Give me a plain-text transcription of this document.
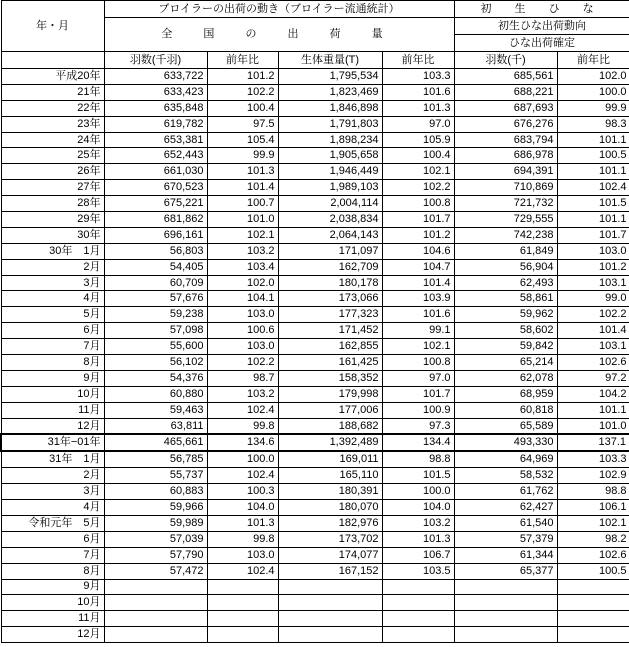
年・月	ブロイラーの出荷の動き（ブロイラー流通統計）				初 生 ひ な	
	全 国 の 出 荷 量				初生ひな出荷動向	
					ひな出荷確定	
	羽数(千羽)	前年比	生体重量(T)	前年比	羽数(千)	前年比
平成20年	633,722	101.2	1,795,534	103.3	685,561	102.0
21年	633,423	102.2	1,823,469	101.6	688,221	100.0
22年	635,848	100.4	1,846,898	101.3	687,693	99.9
23年	619,782	97.5	1,791,803	97.0	676,276	98.3
24年	653,381	105.4	1,898,234	105.9	683,794	101.1
25年	652,443	99.9	1,905,658	100.4	686,978	100.5
26年	661,030	101.3	1,946,449	102.1	694,391	101.1
27年	670,523	101.4	1,989,103	102.2	710,869	102.4
28年	675,221	100.7	2,004,114	100.8	721,732	101.5
29年	681,862	101.0	2,038,834	101.7	729,555	101.1
30年	696,161	102.1	2,064,143	101.2	742,238	101.7
30年　1月	56,803	103.2	171,097	104.6	61,849	103.0
2月	54,405	103.4	162,709	104.7	56,904	101.2
3月	60,709	102.0	180,178	101.4	62,493	103.1
4月	57,676	104.1	173,066	103.9	58,861	99.0
5月	59,238	103.0	177,323	101.6	59,962	102.2
6月	57,098	100.6	171,452	99.1	58,602	101.4
7月	55,600	103.0	162,855	102.1	59,842	103.1
8月	56,102	102.2	161,425	100.8	65,214	102.6
9月	54,376	98.7	158,352	97.0	62,078	97.2
10月	60,880	103.2	179,998	101.7	68,959	104.2
11月	59,463	102.4	177,006	100.9	60,818	101.1
12月	63,811	99.8	188,682	97.3	65,589	101.0
31年−01年	465,661	134.6	1,392,489	134.4	493,330	137.1
31年　1月	56,785	100.0	169,011	98.8	64,969	103.3
2月	55,737	102.4	165,110	101.5	58,532	102.9
3月	60,883	100.3	180,391	100.0	61,762	98.8
4月	59,966	104.0	180,070	104.0	62,427	106.1
令和元年　5月	59,989	101.3	182,976	103.2	61,540	102.1
6月	57,039	99.8	173,702	101.3	57,379	98.2
7月	57,790	103.0	174,077	106.7	61,344	102.6
8月	57,472	102.4	167,152	103.5	65,377	100.5
9月						
10月						
11月						
12月						
